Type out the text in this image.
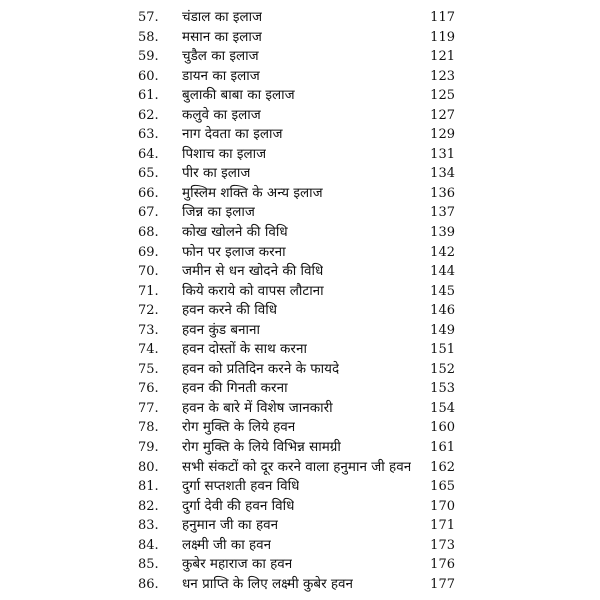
57.	चंडाल का इलाज	117
58.	मसान का इलाज	119
59.	चुडैल का इलाज	121
60.	डायन का इलाज	123
61.	बुलाकी बाबा का इलाज	125
62.	कलुवे का इलाज	127
63.	नाग देवता का इलाज	129
64.	पिशाच का इलाज	131
65.	पीर का इलाज	134
66.	मुस्लिम शक्ति के अन्य इलाज	136
67.	जिन्न का इलाज	137
68.	कोख खोलने की विधि	139
69.	फोन पर इलाज करना	142
70.	जमीन से धन खोदने की विधि	144
71.	किये कराये को वापस लौटाना	145
72.	हवन करने की विधि	146
73.	हवन कुंड बनाना	149
74.	हवन दोस्तों के साथ करना	151
75.	हवन को प्रतिदिन करने के फायदे	152
76.	हवन की गिनती करना	153
77.	हवन के बारे में विशेष जानकारी	154
78.	रोग मुक्ति के लिये हवन	160
79.	रोग मुक्ति के लिये विभिन्न सामग्री	161
80.	सभी संकटों को दूर करने वाला हनुमान जी हवन	162
81.	दुर्गा सप्तशती हवन विधि	165
82.	दुर्गा देवी की हवन विधि	170
83.	हनुमान जी का हवन	171
84.	लक्ष्मी जी का हवन	173
85.	कुबेर महाराज का हवन	176
86.	धन प्राप्ति के लिए लक्ष्मी कुबेर हवन	177
